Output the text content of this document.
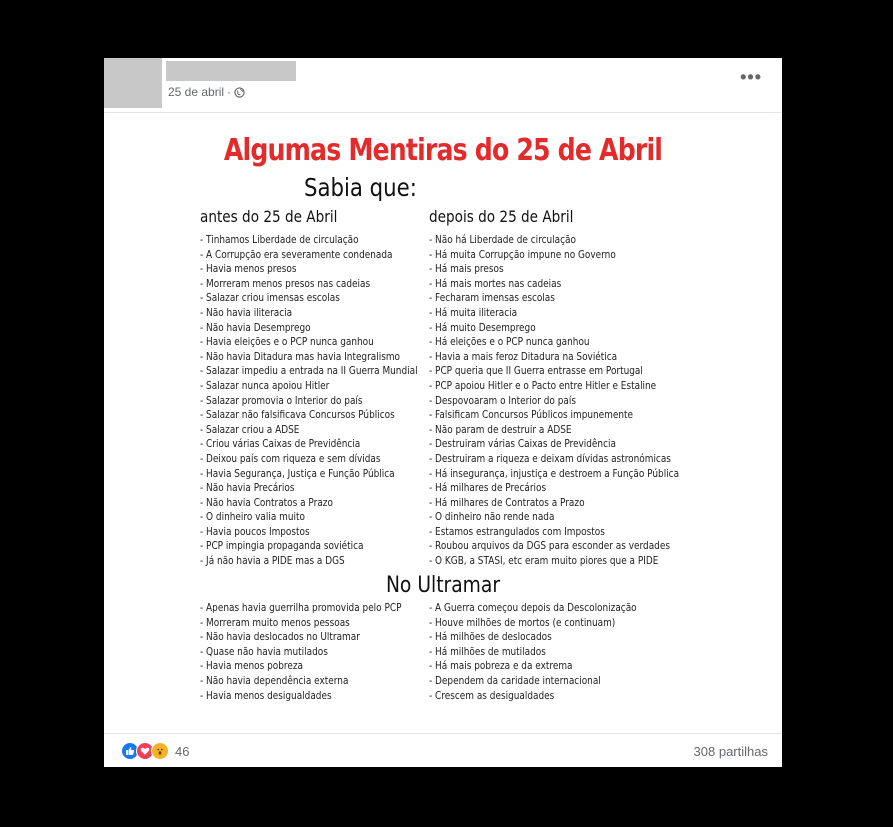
25 de abril ·
•••
Algumas Mentiras do 25 de Abril
Sabia que:
antes do 25 de Abril	depois do 25 de Abril
- Tinhamos Liberdade de circulação
- A Corrupção era severamente condenada
- Havia menos presos
- Morreram menos presos nas cadeias
- Salazar criou imensas escolas
- Não havia iliteracia
- Não havia Desemprego
- Havia eleições e o PCP nunca ganhou
- Não havia Ditadura mas havia Integralismo
- Salazar impediu a entrada na II Guerra Mundial
- Salazar nunca apoiou Hitler
- Salazar promovia o Interior do país
- Salazar não falsificava Concursos Públicos
- Salazar criou a ADSE
- Criou várias Caixas de Previdência
- Deixou país com riqueza e sem dívidas
- Havia Segurança, Justiça e Função Pública
- Não havia Precários
- Não havia Contratos a Prazo
- O dinheiro valia muito
- Havia poucos Impostos
- PCP impingia propaganda soviética
- Já não havia a PIDE mas a DGS
- Não há Liberdade de circulação
- Há muita Corrupção impune no Governo
- Há mais presos
- Há mais mortes nas cadeias
- Fecharam imensas escolas
- Há muita iliteracia
- Há muito Desemprego
- Há eleições e o PCP nunca ganhou
- Havia a mais feroz Ditadura na Soviética
- PCP queria que II Guerra entrasse em Portugal
- PCP apoiou Hitler e o Pacto entre Hitler e Estaline
- Despovoaram o Interior do país
- Falsificam Concursos Públicos impunemente
- Não param de destruir a ADSE
- Destruiram várias Caixas de Previdência
- Destruiram a riqueza e deixam dívidas astronómicas
- Há insegurança, injustiça e destroem a Função Pública
- Há milhares de Precários
- Há milhares de Contratos a Prazo
- O dinheiro não rende nada
- Estamos estrangulados com Impostos
- Roubou arquivos da DGS para esconder as verdades
- O KGB, a STASI, etc eram muito piores que a PIDE
No Ultramar
- Apenas havia guerrilha promovida pelo PCP
- Morreram muito menos pessoas
- Não havia deslocados no Ultramar
- Quase não havia mutilados
- Havia menos pobreza
- Não havia dependência externa
- Havia menos desigualdades
- A Guerra começou depois da Descolonização
- Houve milhões de mortos (e continuam)
- Há milhões de deslocados
- Há milhões de mutilados
- Há mais pobreza e da extrema
- Dependem da caridade internacional
- Crescem as desigualdades
46	308 partilhas
